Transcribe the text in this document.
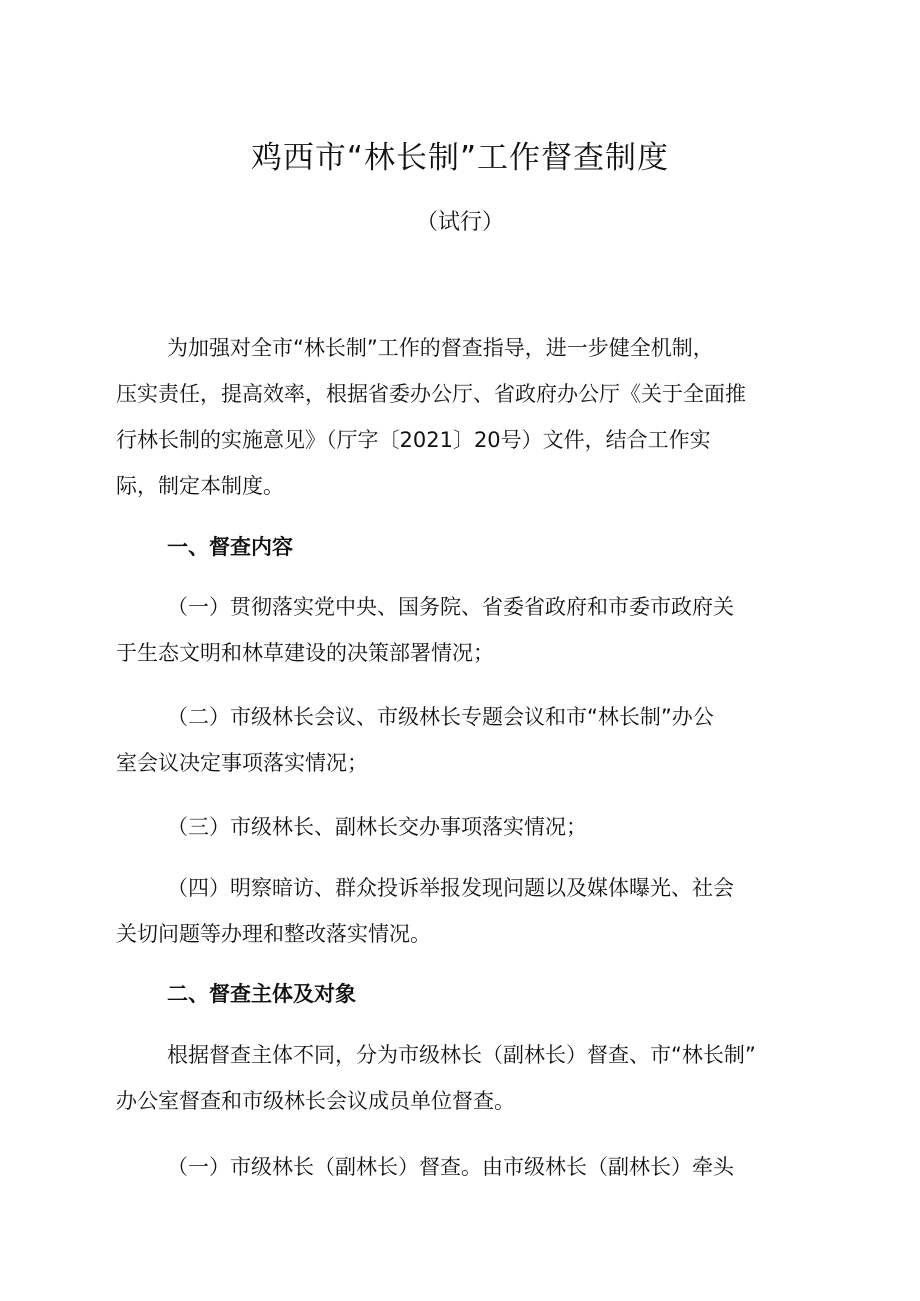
鸡西市“林长制”工作督查制度

（试行）

为加强对全市“林长制”工作的督查指导，进一步健全机制，

压实责任，提高效率，根据省委办公厅、省政府办公厅《关于全面推

行林长制的实施意见》（厅字〔2021〕20号）文件，结合工作实

际，制定本制度。

一、督查内容

（一）贯彻落实党中央、国务院、省委省政府和市委市政府关

于生态文明和林草建设的决策部署情况；

（二）市级林长会议、市级林长专题会议和市“林长制”办公

室会议决定事项落实情况；

（三）市级林长、副林长交办事项落实情况；

（四）明察暗访、群众投诉举报发现问题以及媒体曝光、社会

关切问题等办理和整改落实情况。

二、督查主体及对象

根据督查主体不同，分为市级林长（副林长）督查、市“林长制”

办公室督查和市级林长会议成员单位督查。

（一）市级林长（副林长）督查。由市级林长（副林长）牵头
